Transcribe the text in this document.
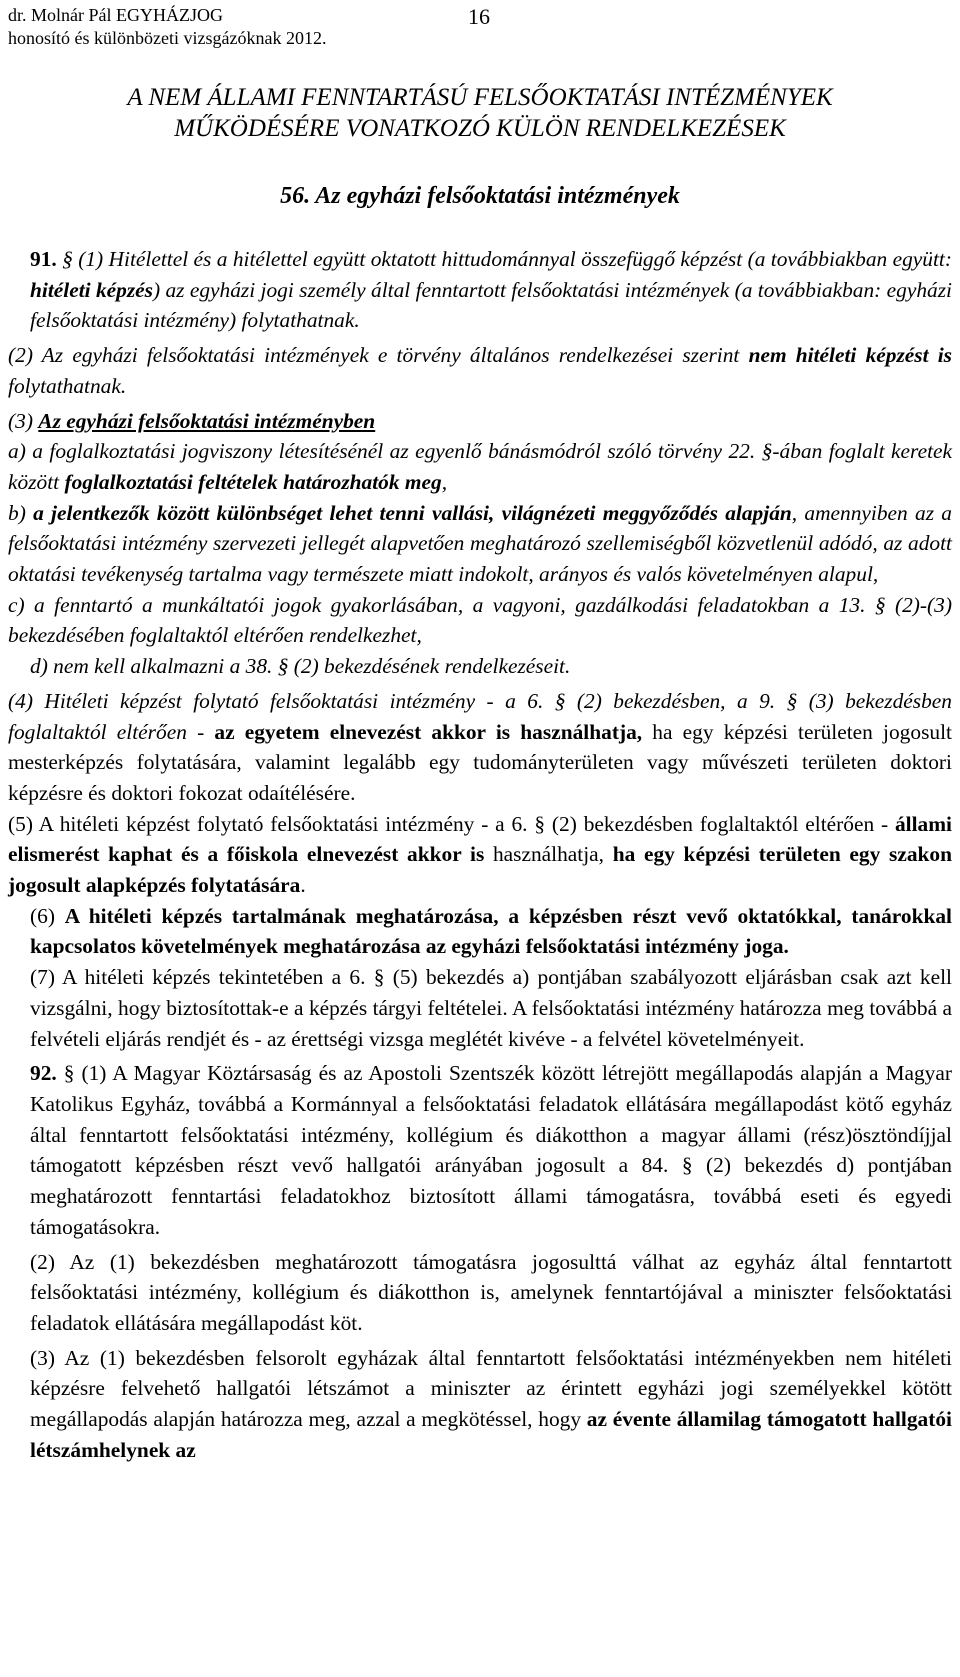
dr. Molnár Pál EGYHÁZJOG
honosító és különbözeti vizsgázóknak 2012.
16
A NEM ÁLLAMI FENNTARTÁSÚ FELSŐOKTATÁSI INTÉZMÉNYEK
MŰKÖDÉSÉRE VONATKOZÓ KÜLÖN RENDELKEZÉSEK
56. Az egyházi felsőoktatási intézmények

91. § (1) Hitélettel és a hitélettel együtt oktatott hittudománnyal összefüggő képzést (a továbbiakban együtt: hitéleti képzés) az egyházi jogi személy által fenntartott felsőoktatási intézmények (a továbbiakban: egyházi felsőoktatási intézmény) folytathatnak.

(2) Az egyházi felsőoktatási intézmények e törvény általános rendelkezései szerint nem hitéleti képzést is folytathatnak.

(3) Az egyházi felsőoktatási intézményben

a) a foglalkoztatási jogviszony létesítésénél az egyenlő bánásmódról szóló törvény 22. §-ában foglalt keretek között foglalkoztatási feltételek határozhatók meg,

b) a jelentkezők között különbséget lehet tenni vallási, világnézeti meggyőződés alapján, amennyiben az a felsőoktatási intézmény szervezeti jellegét alapvetően meghatározó szellemiségből közvetlenül adódó, az adott oktatási tevékenység tartalma vagy természete miatt indokolt, arányos és valós követelményen alapul,

c) a fenntartó a munkáltatói jogok gyakorlásában, a vagyoni, gazdálkodási feladatokban a 13. § (2)-(3) bekezdésében foglaltaktól eltérően rendelkezhet,

d) nem kell alkalmazni a 38. § (2) bekezdésének rendelkezéseit.

(4) Hitéleti képzést folytató felsőoktatási intézmény - a 6. § (2) bekezdésben, a 9. § (3) bekezdésben foglaltaktól eltérően - az egyetem elnevezést akkor is használhatja, ha egy képzési területen jogosult mesterképzés folytatására, valamint legalább egy tudományterületen vagy művészeti területen doktori képzésre és doktori fokozat odaítélésére.

(5) A hitéleti képzést folytató felsőoktatási intézmény - a 6. § (2) bekezdésben foglaltaktól eltérően - állami elismerést kaphat és a főiskola elnevezést akkor is használhatja, ha egy képzési területen egy szakon jogosult alapképzés folytatására.

(6) A hitéleti képzés tartalmának meghatározása, a képzésben részt vevő oktatókkal, tanárokkal kapcsolatos követelmények meghatározása az egyházi felsőoktatási intézmény joga.

(7) A hitéleti képzés tekintetében a 6. § (5) bekezdés a) pontjában szabályozott eljárásban csak azt kell vizsgálni, hogy biztosítottak-e a képzés tárgyi feltételei. A felsőoktatási intézmény határozza meg továbbá a felvételi eljárás rendjét és - az érettségi vizsga meglétét kivéve - a felvétel követelményeit.

92. § (1) A Magyar Köztársaság és az Apostoli Szentszék között létrejött megállapodás alapján a Magyar Katolikus Egyház, továbbá a Kormánnyal a felsőoktatási feladatok ellátására megállapodást kötő egyház által fenntartott felsőoktatási intézmény, kollégium és diákotthon a magyar állami (rész)ösztöndíjjal támogatott képzésben részt vevő hallgatói arányában jogosult a 84. § (2) bekezdés d) pontjában meghatározott fenntartási feladatokhoz biztosított állami támogatásra, továbbá eseti és egyedi támogatásokra.

(2) Az (1) bekezdésben meghatározott támogatásra jogosulttá válhat az egyház által fenntartott felsőoktatási intézmény, kollégium és diákotthon is, amelynek fenntartójával a miniszter felsőoktatási feladatok ellátására megállapodást köt.

(3) Az (1) bekezdésben felsorolt egyházak által fenntartott felsőoktatási intézményekben nem hitéleti képzésre felvehető hallgatói létszámot a miniszter az érintett egyházi jogi személyekkel kötött megállapodás alapján határozza meg, azzal a megkötéssel, hogy az évente államilag támogatott hallgatói létszámhelynek az
